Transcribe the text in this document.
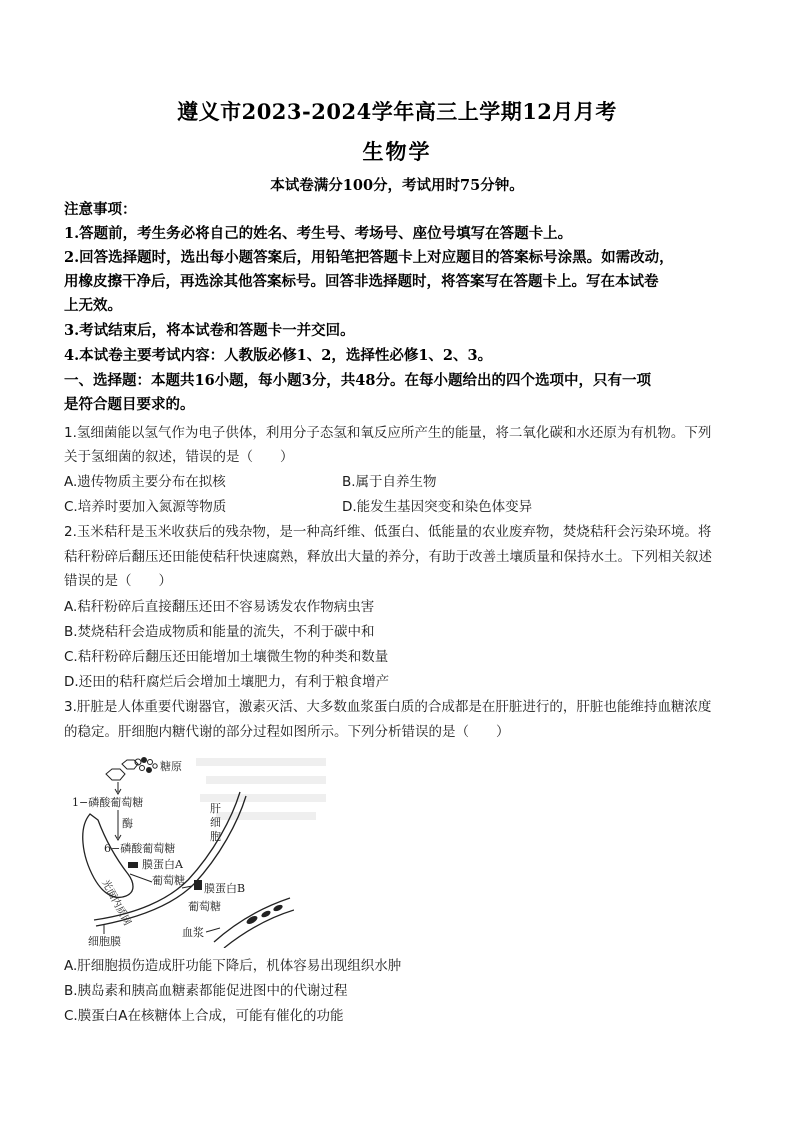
遵义市2023-2024学年高三上学期12月月考
生物学
本试卷满分100分，考试用时75分钟。
注意事项：
1.答题前，考生务必将自己的姓名、考生号、考场号、座位号填写在答题卡上。
2.回答选择题时，选出每小题答案后，用铅笔把答题卡上对应题目的答案标号涂黑。如需改动，
用橡皮擦干净后，再选涂其他答案标号。回答非选择题时，将答案写在答题卡上。写在本试卷
上无效。
3.考试结束后，将本试卷和答题卡一并交回。
4.本试卷主要考试内容：人教版必修1、2，选择性必修1、2、3。
一、选择题：本题共16小题，每小题3分，共48分。在每小题给出的四个选项中，只有一项
是符合题目要求的。
1.氢细菌能以氢气作为电子供体，利用分子态氢和氧反应所产生的能量，将二氧化碳和水还原为有机物。下列
关于氢细菌的叙述，错误的是（　　）
A.遗传物质主要分布在拟核	B.属于自养生物
C.培养时要加入氮源等物质	D.能发生基因突变和染色体变异
2.玉米秸秆是玉米收获后的残杂物，是一种高纤维、低蛋白、低能量的农业废弃物，焚烧秸秆会污染环境。将
秸秆粉碎后翻压还田能使秸秆快速腐熟，释放出大量的养分，有助于改善土壤质量和保持水土。下列相关叙述
错误的是（　　）
A.秸秆粉碎后直接翻压还田不容易诱发农作物病虫害
B.焚烧秸秆会造成物质和能量的流失，不利于碳中和
C.秸秆粉碎后翻压还田能增加土壤微生物的种类和数量
D.还田的秸秆腐烂后会增加土壤肥力，有利于粮食增产
3.肝脏是人体重要代谢器官，激素灭活、大多数血浆蛋白质的合成都是在肝脏进行的，肝脏也能维持血糖浓度
的稳定。肝细胞内糖代谢的部分过程如图所示。下列分析错误的是（　　）
糖原
1−磷酸葡萄糖	肝
细
胞
酶
6−磷酸葡萄糖
光面内质网
膜蛋白A
葡萄糖
膜蛋白B
葡萄糖
细胞膜
血浆
A.肝细胞损伤造成肝功能下降后，机体容易出现组织水肿
B.胰岛素和胰高血糖素都能促进图中的代谢过程
C.膜蛋白A在核糖体上合成，可能有催化的功能
